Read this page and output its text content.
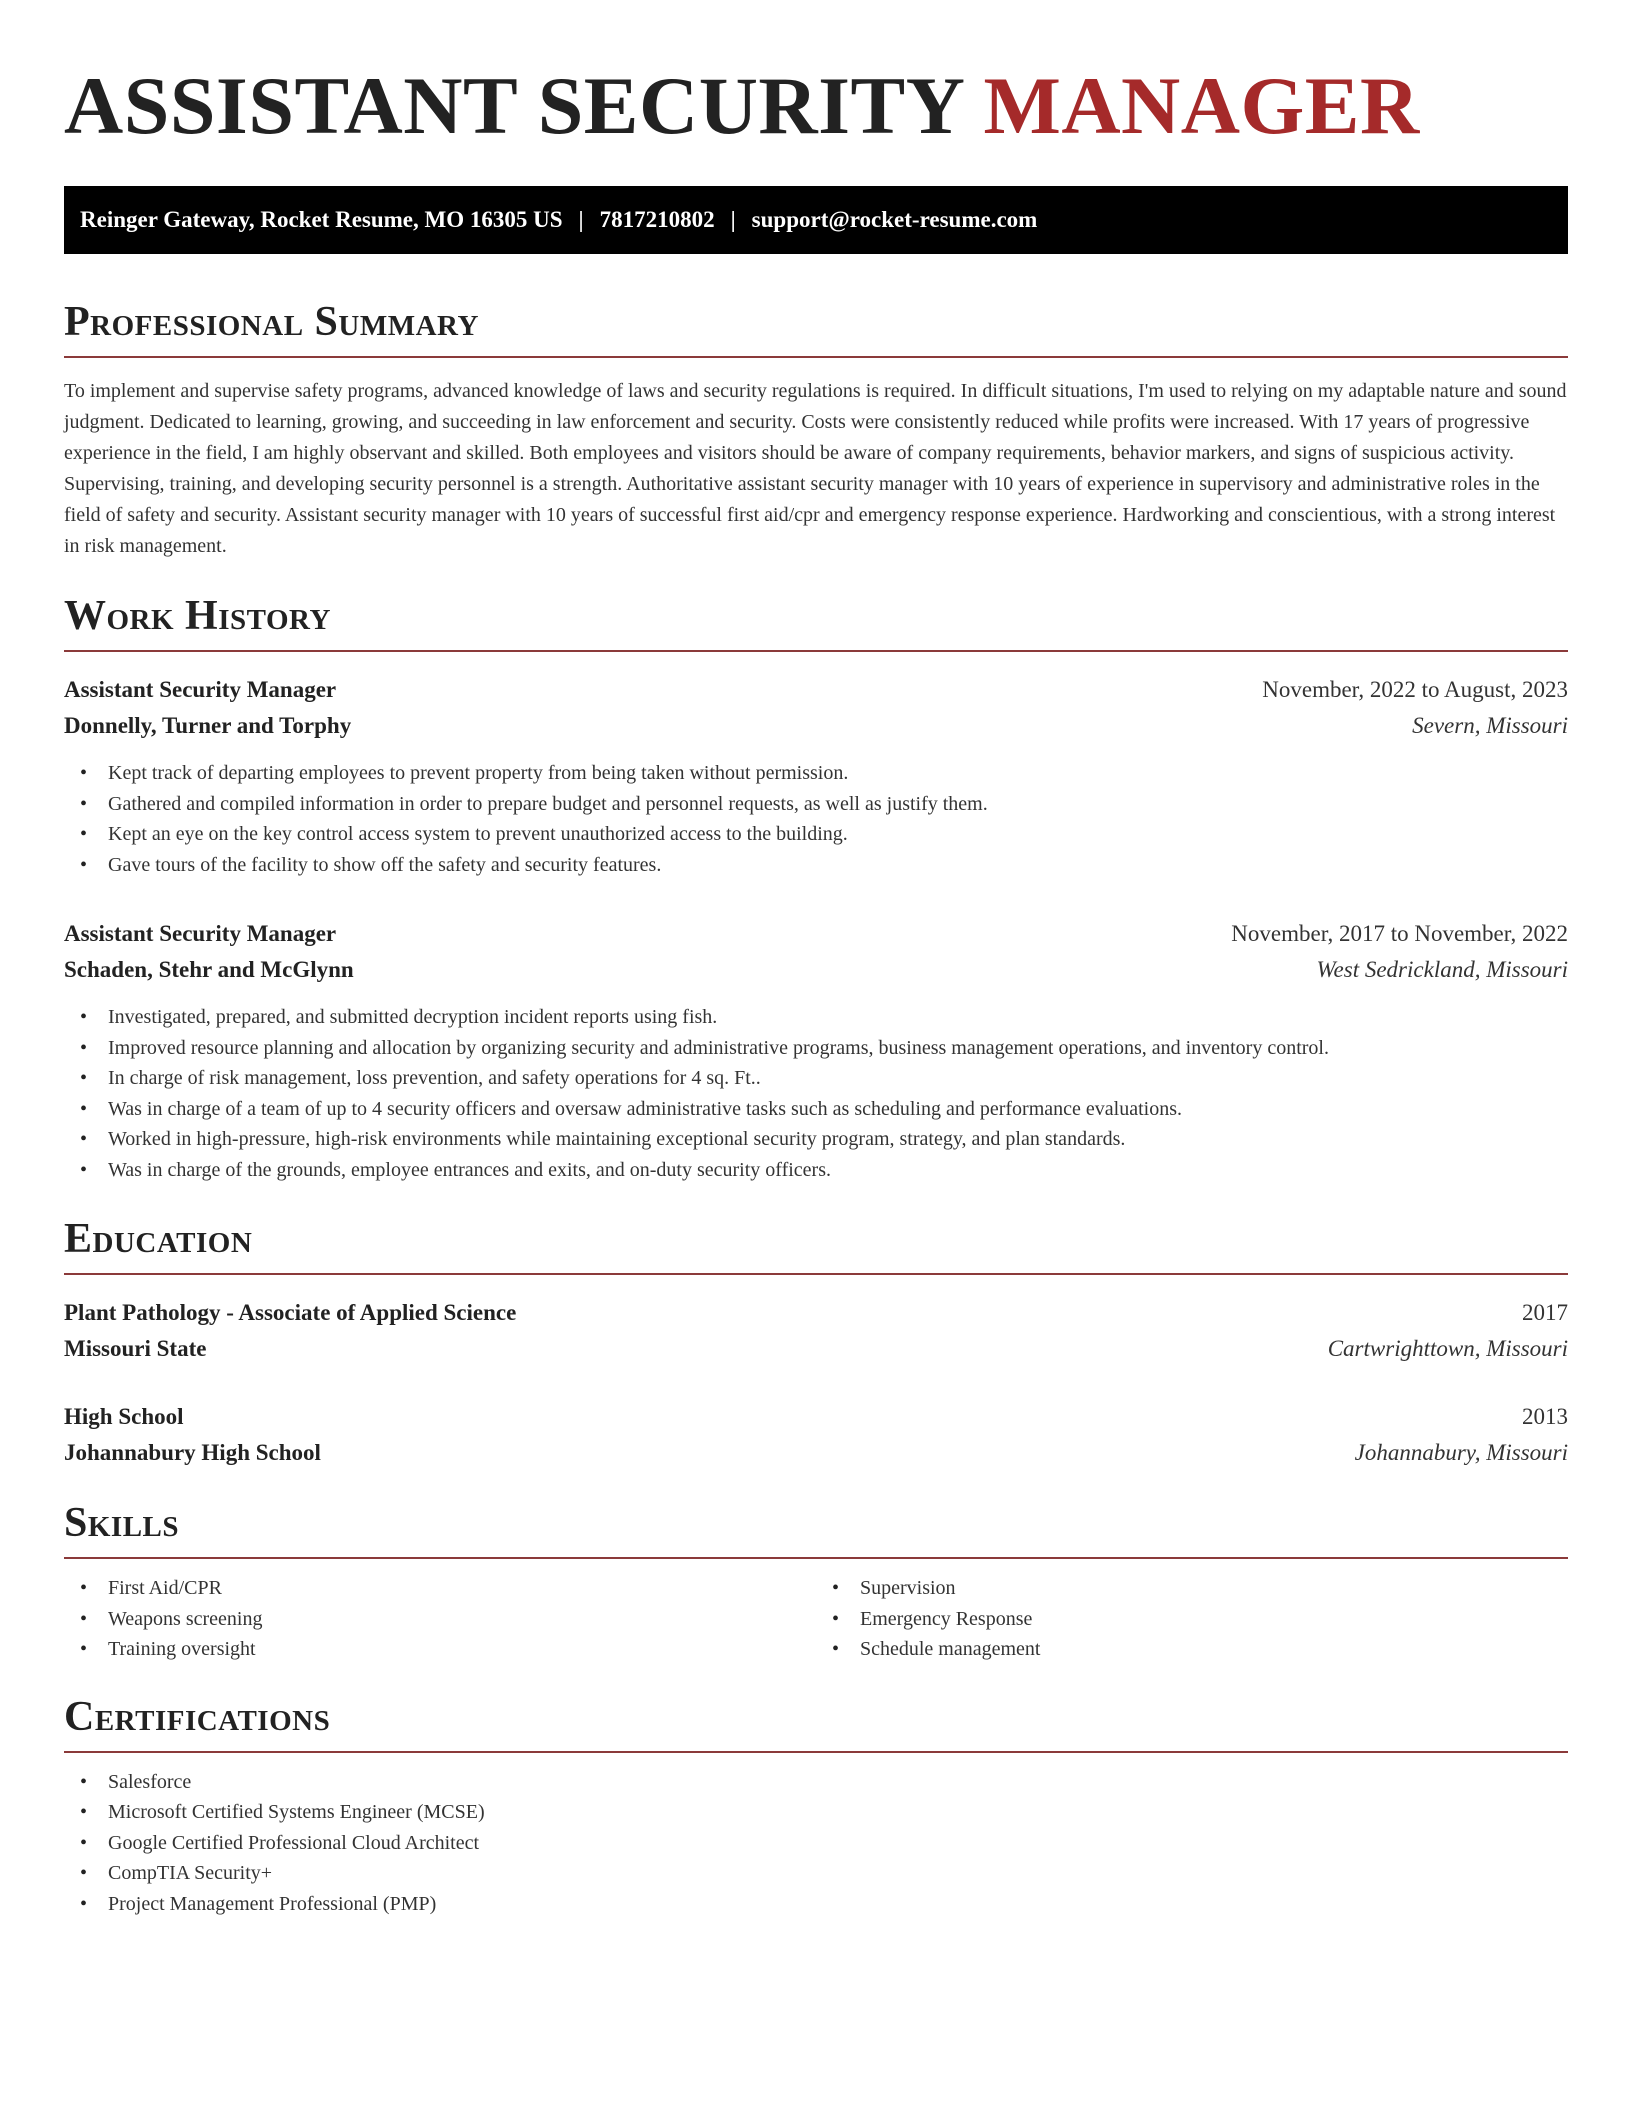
ASSISTANT SECURITY MANAGER
Reinger Gateway, Rocket Resume, MO 16305 US | 7817210802 | support@rocket-resume.com
Professional Summary

To implement and supervise safety programs, advanced knowledge of laws and security regulations is required. In difficult situations, I'm used to relying on my adaptable nature and sound judgment. Dedicated to learning, growing, and succeeding in law enforcement and security. Costs were consistently reduced while profits were increased. With 17 years of progressive experience in the field, I am highly observant and skilled. Both employees and visitors should be aware of company requirements, behavior markers, and signs of suspicious activity. Supervising, training, and developing security personnel is a strength. Authoritative assistant security manager with 10 years of experience in supervisory and administrative roles in the field of safety and security. Assistant security manager with 10 years of successful first aid/cpr and emergency response experience. Hardworking and conscientious, with a strong interest in risk management.

Work History
Assistant Security Manager	November, 2022 to August, 2023
Donnelly, Turner and Torphy	Severn, Missouri
• Kept track of departing employees to prevent property from being taken without permission.
• Gathered and compiled information in order to prepare budget and personnel requests, as well as justify them.
• Kept an eye on the key control access system to prevent unauthorized access to the building.
• Gave tours of the facility to show off the safety and security features.
Assistant Security Manager	November, 2017 to November, 2022
Schaden, Stehr and McGlynn	West Sedrickland, Missouri
• Investigated, prepared, and submitted decryption incident reports using fish.
• Improved resource planning and allocation by organizing security and administrative programs, business management operations, and inventory control.
• In charge of risk management, loss prevention, and safety operations for 4 sq. Ft..
• Was in charge of a team of up to 4 security officers and oversaw administrative tasks such as scheduling and performance evaluations.
• Worked in high-pressure, high-risk environments while maintaining exceptional security program, strategy, and plan standards.
• Was in charge of the grounds, employee entrances and exits, and on-duty security officers.
Education
Plant Pathology - Associate of Applied Science	2017
Missouri State	Cartwrighttown, Missouri
High School	2013
Johannabury High School	Johannabury, Missouri
Skills
• First Aid/CPR
• Weapons screening
• Training oversight
• Supervision
• Emergency Response
• Schedule management
Certifications
• Salesforce
• Microsoft Certified Systems Engineer (MCSE)
• Google Certified Professional Cloud Architect
• CompTIA Security+
• Project Management Professional (PMP)
